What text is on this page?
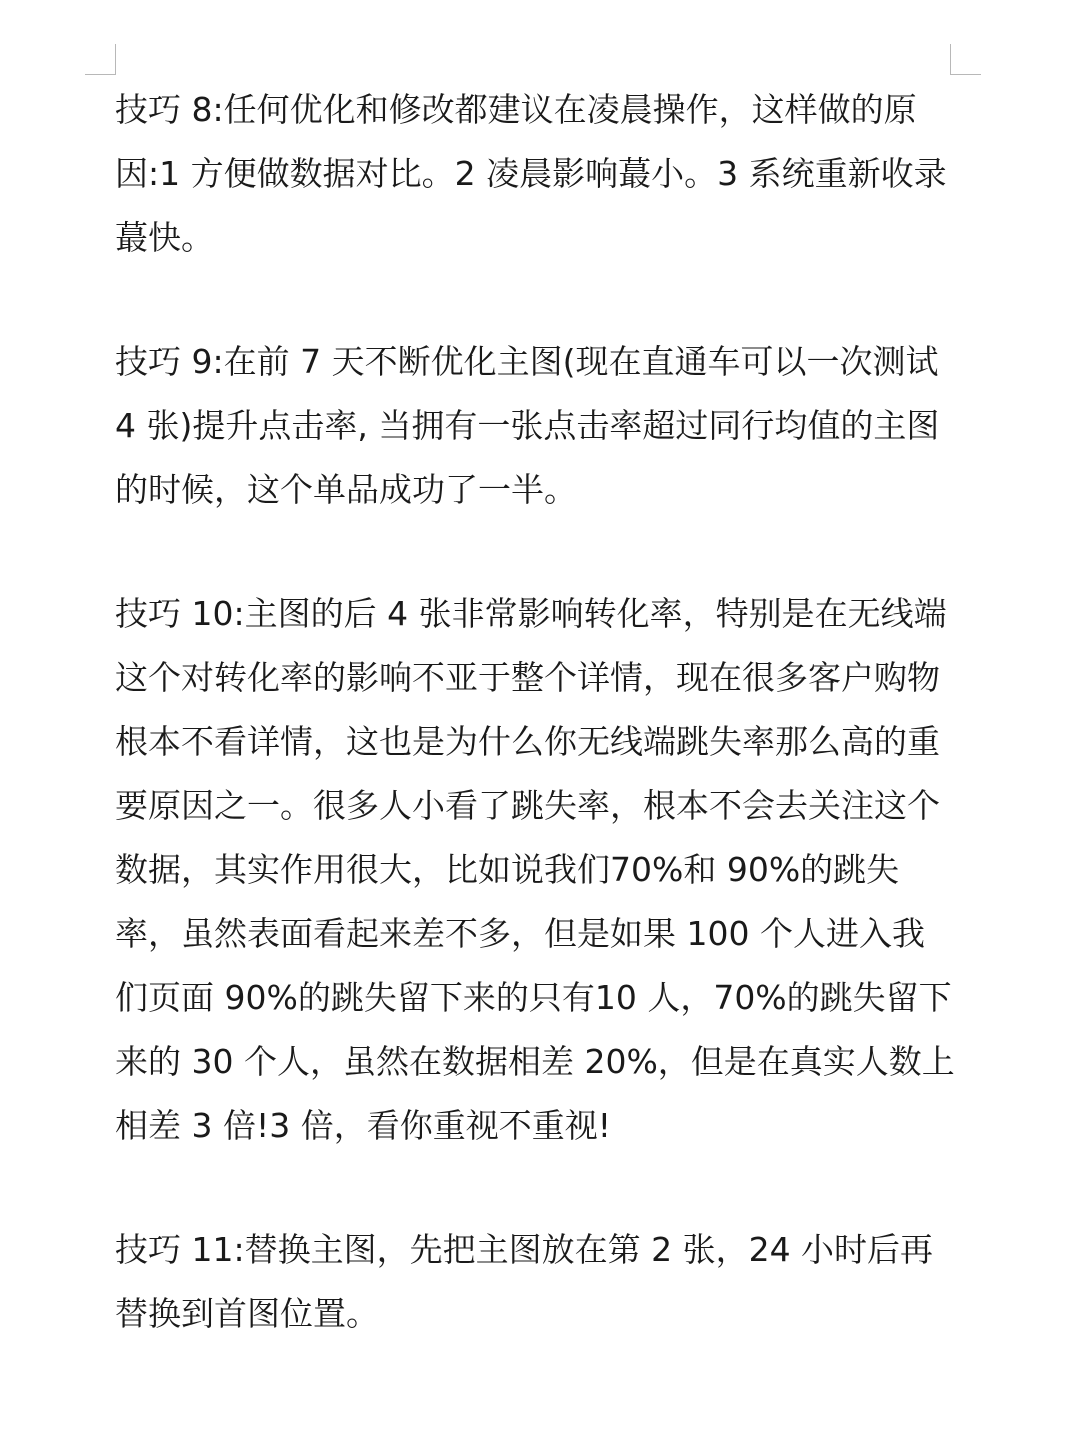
技巧 8:任何优化和修改都建议在凌晨操作，这样做的原因:1 方便做数据对比。2 凌晨影响蕞小。3 系统重新收录蕞快。

技巧 9:在前 7 天不断优化主图(现在直通车可以一次测试 4 张)提升点击率, 当拥有一张点击率超过同行均值的主图的时候，这个单品成功了一半。

技巧 10:主图的后 4 张非常影响转化率，特别是在无线端这个对转化率的影响不亚于整个详情，现在很多客户购物根本不看详情，这也是为什么你无线端跳失率那么高的重要原因之一。很多人小看了跳失率，根本不会去关注这个数据，其实作用很大，比如说我们70%和 90%的跳失率，虽然表面看起来差不多，但是如果 100 个人进入我们页面 90%的跳失留下来的只有10 人，70%的跳失留下来的 30 个人，虽然在数据相差 20%，但是在真实人数上相差 3 倍!3 倍，看你重视不重视!

技巧 11:替换主图，先把主图放在第 2 张，24 小时后再替换到首图位置。
